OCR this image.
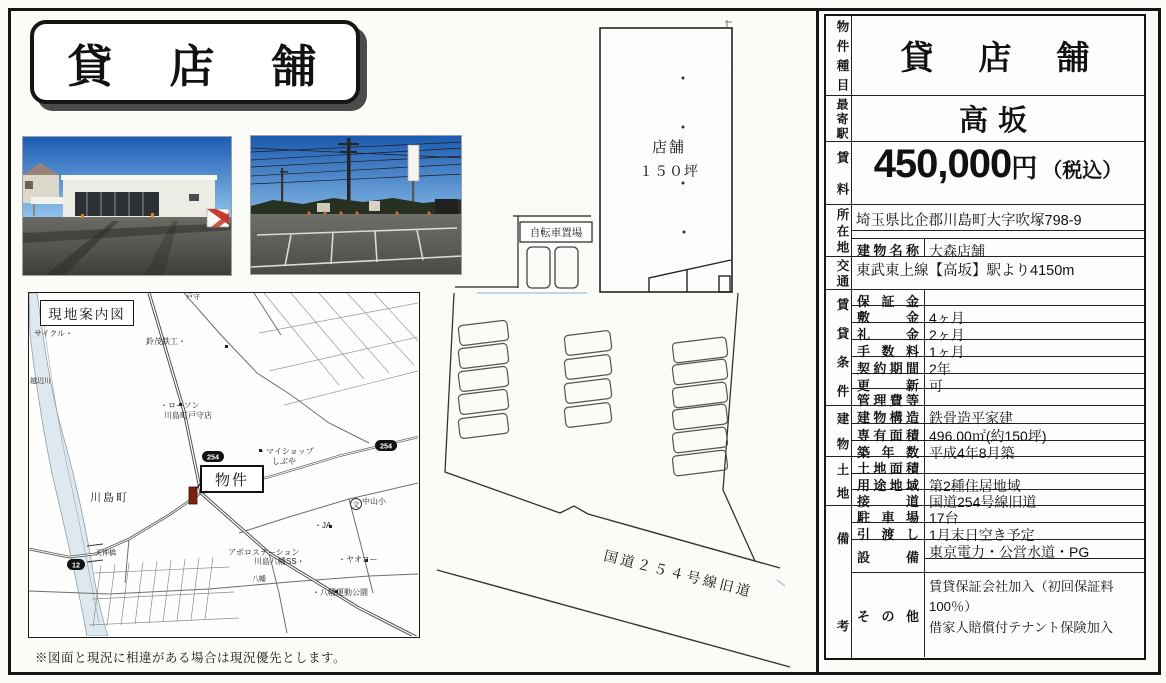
貸　店　舗
文
254
254
12
現地案内図
サイクル・
鈴茂鉄工・
戸守
越辺川
・ローソン
川島町戸守店
・マイショップ
しぶや
川島町
天神橋
中山小
・JA
アポロステーション
川島八幡SS・
八幡
・ヤオコー
・八幡運動公園
物件
※図面と現況に相違がある場合は現況優先とします。
店舗
１５０坪
自転車置場
国道２５４号線旧道
物件種目 貸　店　舗
最寄駅	高坂
賃料 450,000 円 （税込）
所在地 埼玉県比企郡川島町大字吹塚798-9
建物名称 大森店舗
交通 東武東上線【高坂】駅より4150m
賃貸条件 保証金
敷金 4ヶ月
礼金 2ヶ月
手数料 1ヶ月
契約期間 2年
更新 可
管理費等
建物 建物構造 鉄骨造平家建
専有面積 496.00㎡(約150坪)
築年数 平成4年8月築
土地 土地面積
用途地域 第2種住居地域
接道 国道254号線旧道
備考
駐車場 17台
引渡し 1月末日空き予定
設備 東京電力・公営水道・PG
その他
賃貸保証会社加入（初回保証料100％）
借家人賠償付テナント保険加入
